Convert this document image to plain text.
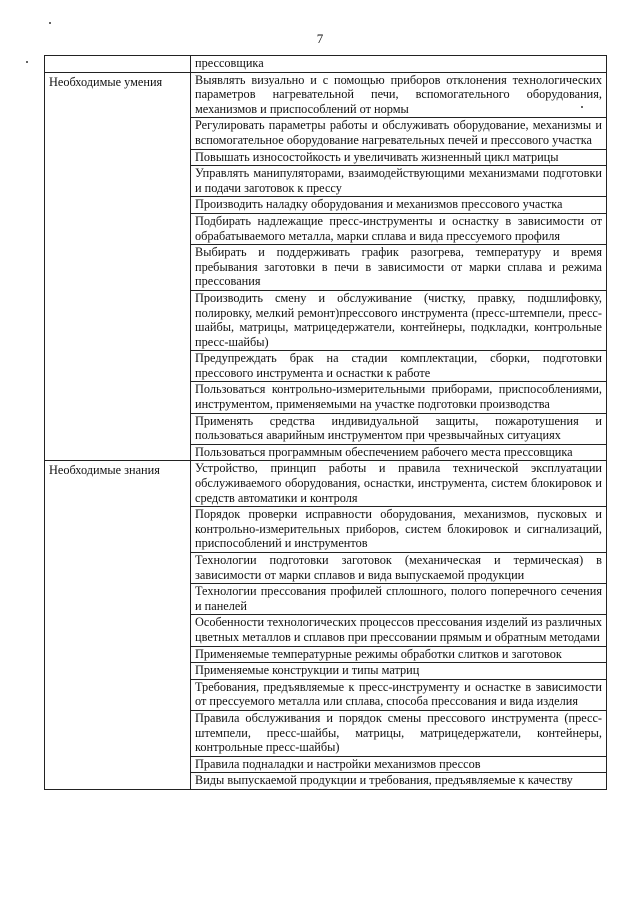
7
	прессовщика
Необходимые умения	Выявлять визуально и с помощью приборов отклонения технологических параметров нагревательной печи, вспомогательного оборудования, механизмов и приспособлений от нормы
	Регулировать параметры работы и обслуживать оборудование, механизмы и вспомогательное оборудование нагревательных печей и прессового участка
	Повышать износостойкость и увеличивать жизненный цикл матрицы
	Управлять манипуляторами, взаимодействующими механизмами подготовки и подачи заготовок к прессу
	Производить наладку оборудования и механизмов прессового участка
	Подбирать надлежащие пресс-инструменты и оснастку в зависимости от обрабатываемого металла, марки сплава и вида прессуемого профиля
	Выбирать и поддерживать график разогрева, температуру и время пребывания заготовки в печи в зависимости от марки сплава и режима прессования
	Производить смену и обслуживание (чистку, правку, подшлифовку, полировку, мелкий ремонт)прессового инструмента (пресс-штемпели, пресс-шайбы, матрицы, матрицедержатели, контейнеры, подкладки, контрольные пресс-шайбы)
	Предупреждать брак на стадии комплектации, сборки, подготовки прессового инструмента и оснастки к работе
	Пользоваться контрольно-измерительными приборами, приспособлениями, инструментом, применяемыми на участке подготовки производства
	Применять средства индивидуальной защиты, пожаротушения и пользоваться аварийным инструментом при чрезвычайных ситуациях
	Пользоваться программным обеспечением рабочего места прессовщика
Необходимые знания	Устройство, принцип работы и правила технической эксплуатации обслуживаемого оборудования, оснастки, инструмента, систем блокировок и средств автоматики и контроля
	Порядок проверки исправности оборудования, механизмов, пусковых и контрольно-измерительных приборов, систем блокировок и сигнализаций, приспособлений и инструментов
	Технологии подготовки заготовок (механическая и термическая) в зависимости от марки сплавов и вида выпускаемой продукции
	Технологии прессования профилей сплошного, полого поперечного сечения и панелей
	Особенности технологических процессов прессования изделий из различных цветных металлов и сплавов при прессовании прямым и обратным методами
	Применяемые температурные режимы обработки слитков и заготовок
	Применяемые конструкции и типы матриц
	Требования, предъявляемые к пресс-инструменту и оснастке в зависимости от прессуемого металла или сплава, способа прессования и вида изделия
	Правила обслуживания и порядок смены прессового инструмента (пресс-штемпели, пресс-шайбы, матрицы, матрицедержатели, контейнеры, контрольные пресс-шайбы)
	Правила подналадки и настройки механизмов прессов
	Виды выпускаемой продукции и требования, предъявляемые к качеству
